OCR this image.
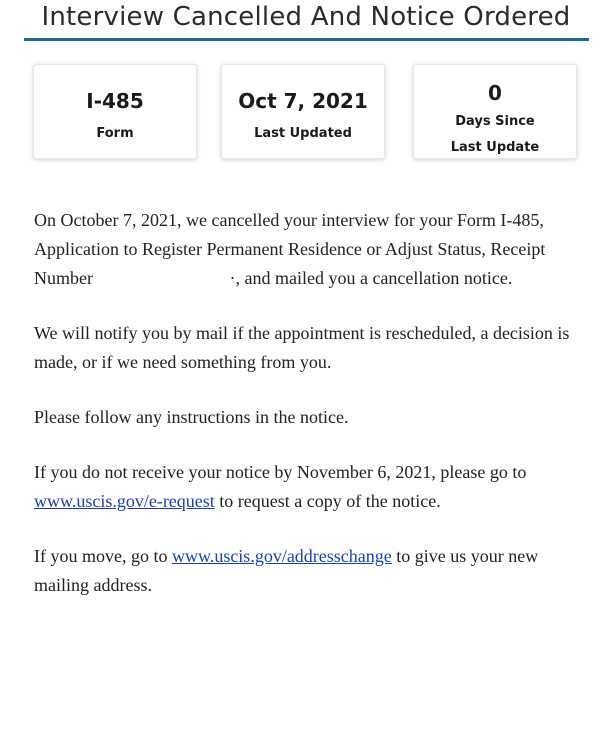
Interview Cancelled And Notice Ordered
I-485
Form
Oct 7, 2021
Last Updated
0
Days Since
Last Update

On October 7, 2021, we cancelled your interview for your Form I-485, Application to Register Permanent Residence or Adjust Status, Receipt Number	·, and mailed you a cancellation notice.

We will notify you by mail if the appointment is rescheduled, a decision is made, or if we need something from you.

Please follow any instructions in the notice.

If you do not receive your notice by November 6, 2021, please go to www.uscis.gov/e-request to request a copy of the notice.

If you move, go to www.uscis.gov/addresschange to give us your new mailing address.
